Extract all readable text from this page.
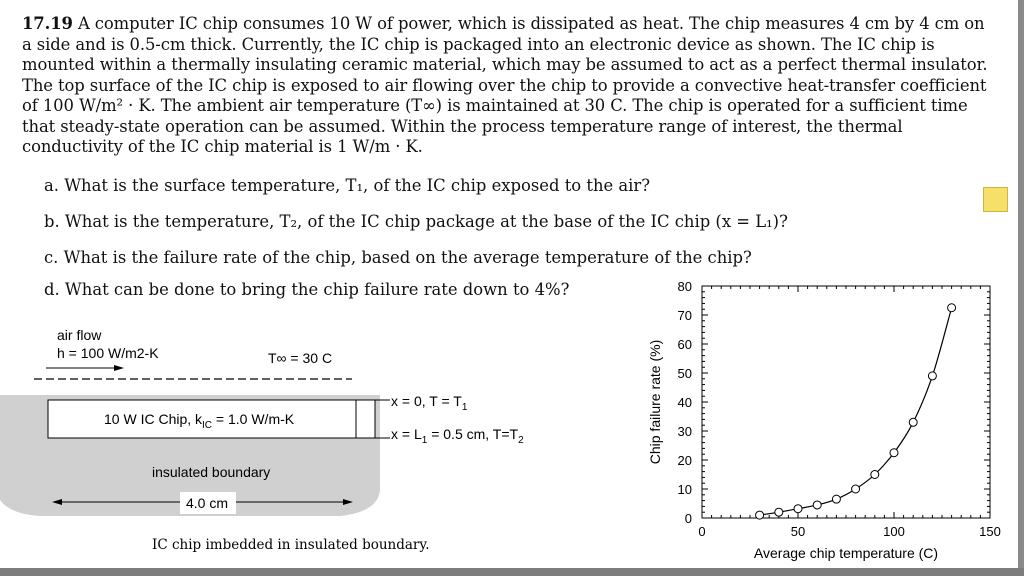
17.19 A computer IC chip consumes 10 W of power, which is dissipated as heat. The chip measures 4 cm by 4 cm on a side and is 0.5-cm thick. Currently, the IC chip is packaged into an electronic device as shown. The IC chip is mounted within a thermally insulating ceramic material, which may be assumed to act as a perfect thermal insulator. The top surface of the IC chip is exposed to air flowing over the chip to provide a convective heat-transfer coefficient of 100 W/m² · K. The ambient air temperature (T∞) is maintained at 30 C. The chip is operated for a sufficient time that steady-state operation can be assumed. Within the process temperature range of interest, the thermal conductivity of the IC chip material is 1 W/m · K.
a. What is the surface temperature, T₁, of the IC chip exposed to the air?
b. What is the temperature, T₂, of the IC chip package at the base of the IC chip (x = L₁)?
c. What is the failure rate of the chip, based on the average temperature of the chip?
d. What can be done to bring the chip failure rate down to 4%?
air flow
h = 100 W/m2-K	T∞ = 30 C
10 W IC Chip, $k_{IC} = 1.0$ W/m-K
x = 0, $T = T_1$
$x = L_1 = 0.5$ cm, $T=T_2$
insulated boundary
4.0 cm
IC chip imbedded in insulated boundary.
0	50	100	150
0
10
20
30
40
50
60
70
80
Average chip temperature (C)
Chip failure rate (%)
